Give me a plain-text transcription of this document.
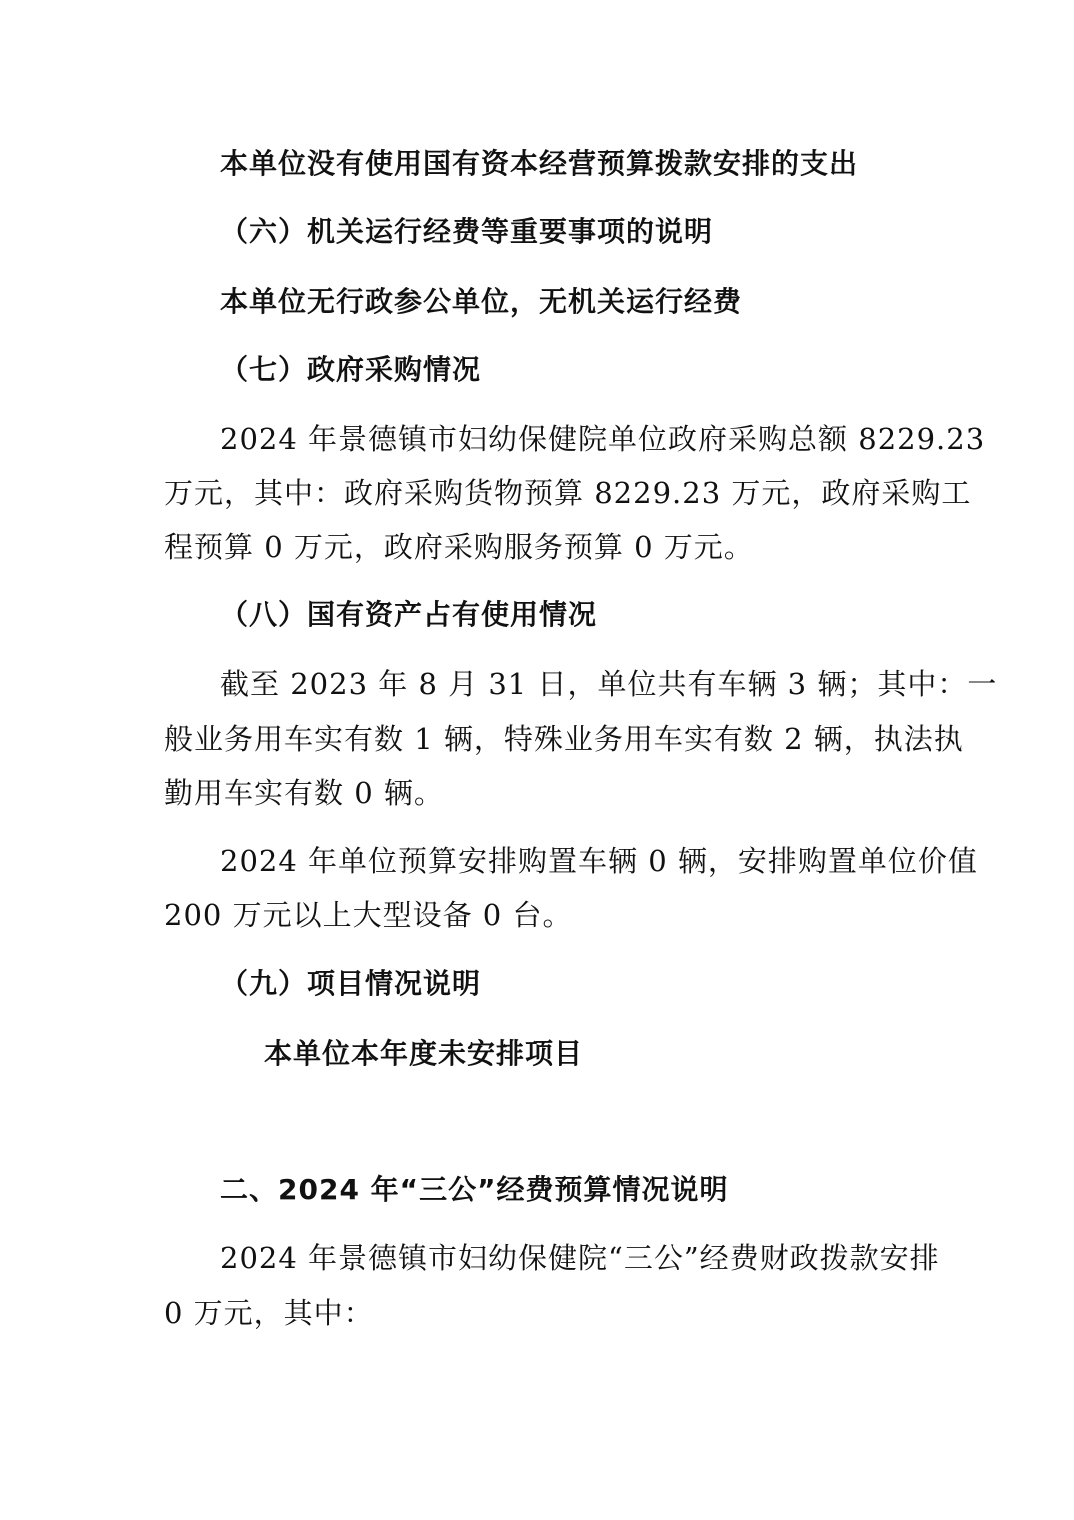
本单位没有使用国有资本经营预算拨款安排的支出

（六）机关运行经费等重要事项的说明

本单位无行政参公单位，无机关运行经费

（七）政府采购情况

2024 年景德镇市妇幼保健院单位政府采购总额 8229.23

万元，其中：政府采购货物预算 8229.23 万元，政府采购工

程预算 0 万元，政府采购服务预算 0 万元。

（八）国有资产占有使用情况

截至 2023 年 8 月 31 日，单位共有车辆 3 辆；其中：一

般业务用车实有数 1 辆，特殊业务用车实有数 2 辆，执法执

勤用车实有数 0 辆。

2024 年单位预算安排购置车辆 0 辆，安排购置单位价值

200 万元以上大型设备 0 台。

（九）项目情况说明

本单位本年度未安排项目

二、2024 年“三公”经费预算情况说明

2024 年景德镇市妇幼保健院“三公”经费财政拨款安排

0 万元，其中：
